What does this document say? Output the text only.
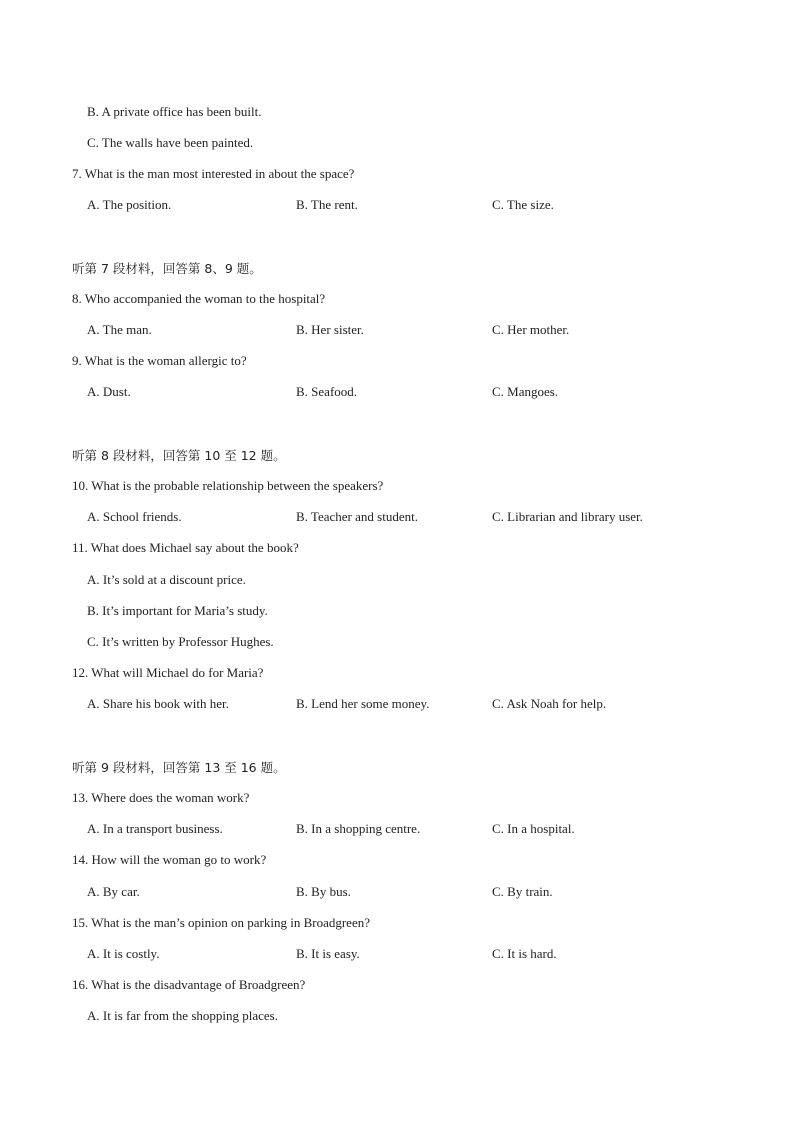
B. A private office has been built.
C. The walls have been painted.
7. What is the man most interested in about the space?
A. The position.	B. The rent.	C. The size.
听第 7 段材料，回答第 8、9 题。
8. Who accompanied the woman to the hospital?
A. The man.	B. Her sister.	C. Her mother.
9. What is the woman allergic to?
A. Dust.	B. Seafood.	C. Mangoes.
听第 8 段材料，回答第 10 至 12 题。
10. What is the probable relationship between the speakers?
A. School friends.	B. Teacher and student.	C. Librarian and library user.
11. What does Michael say about the book?
A. It’s sold at a discount price.
B. It’s important for Maria’s study.
C. It’s written by Professor Hughes.
12. What will Michael do for Maria?
A. Share his book with her.	B. Lend her some money.	C. Ask Noah for help.
听第 9 段材料，回答第 13 至 16 题。
13. Where does the woman work?
A. In a transport business.	B. In a shopping centre.	C. In a hospital.
14. How will the woman go to work?
A. By car.	B. By bus.	C. By train.
15. What is the man’s opinion on parking in Broadgreen?
A. It is costly.	B. It is easy.	C. It is hard.
16. What is the disadvantage of Broadgreen?
A. It is far from the shopping places.
